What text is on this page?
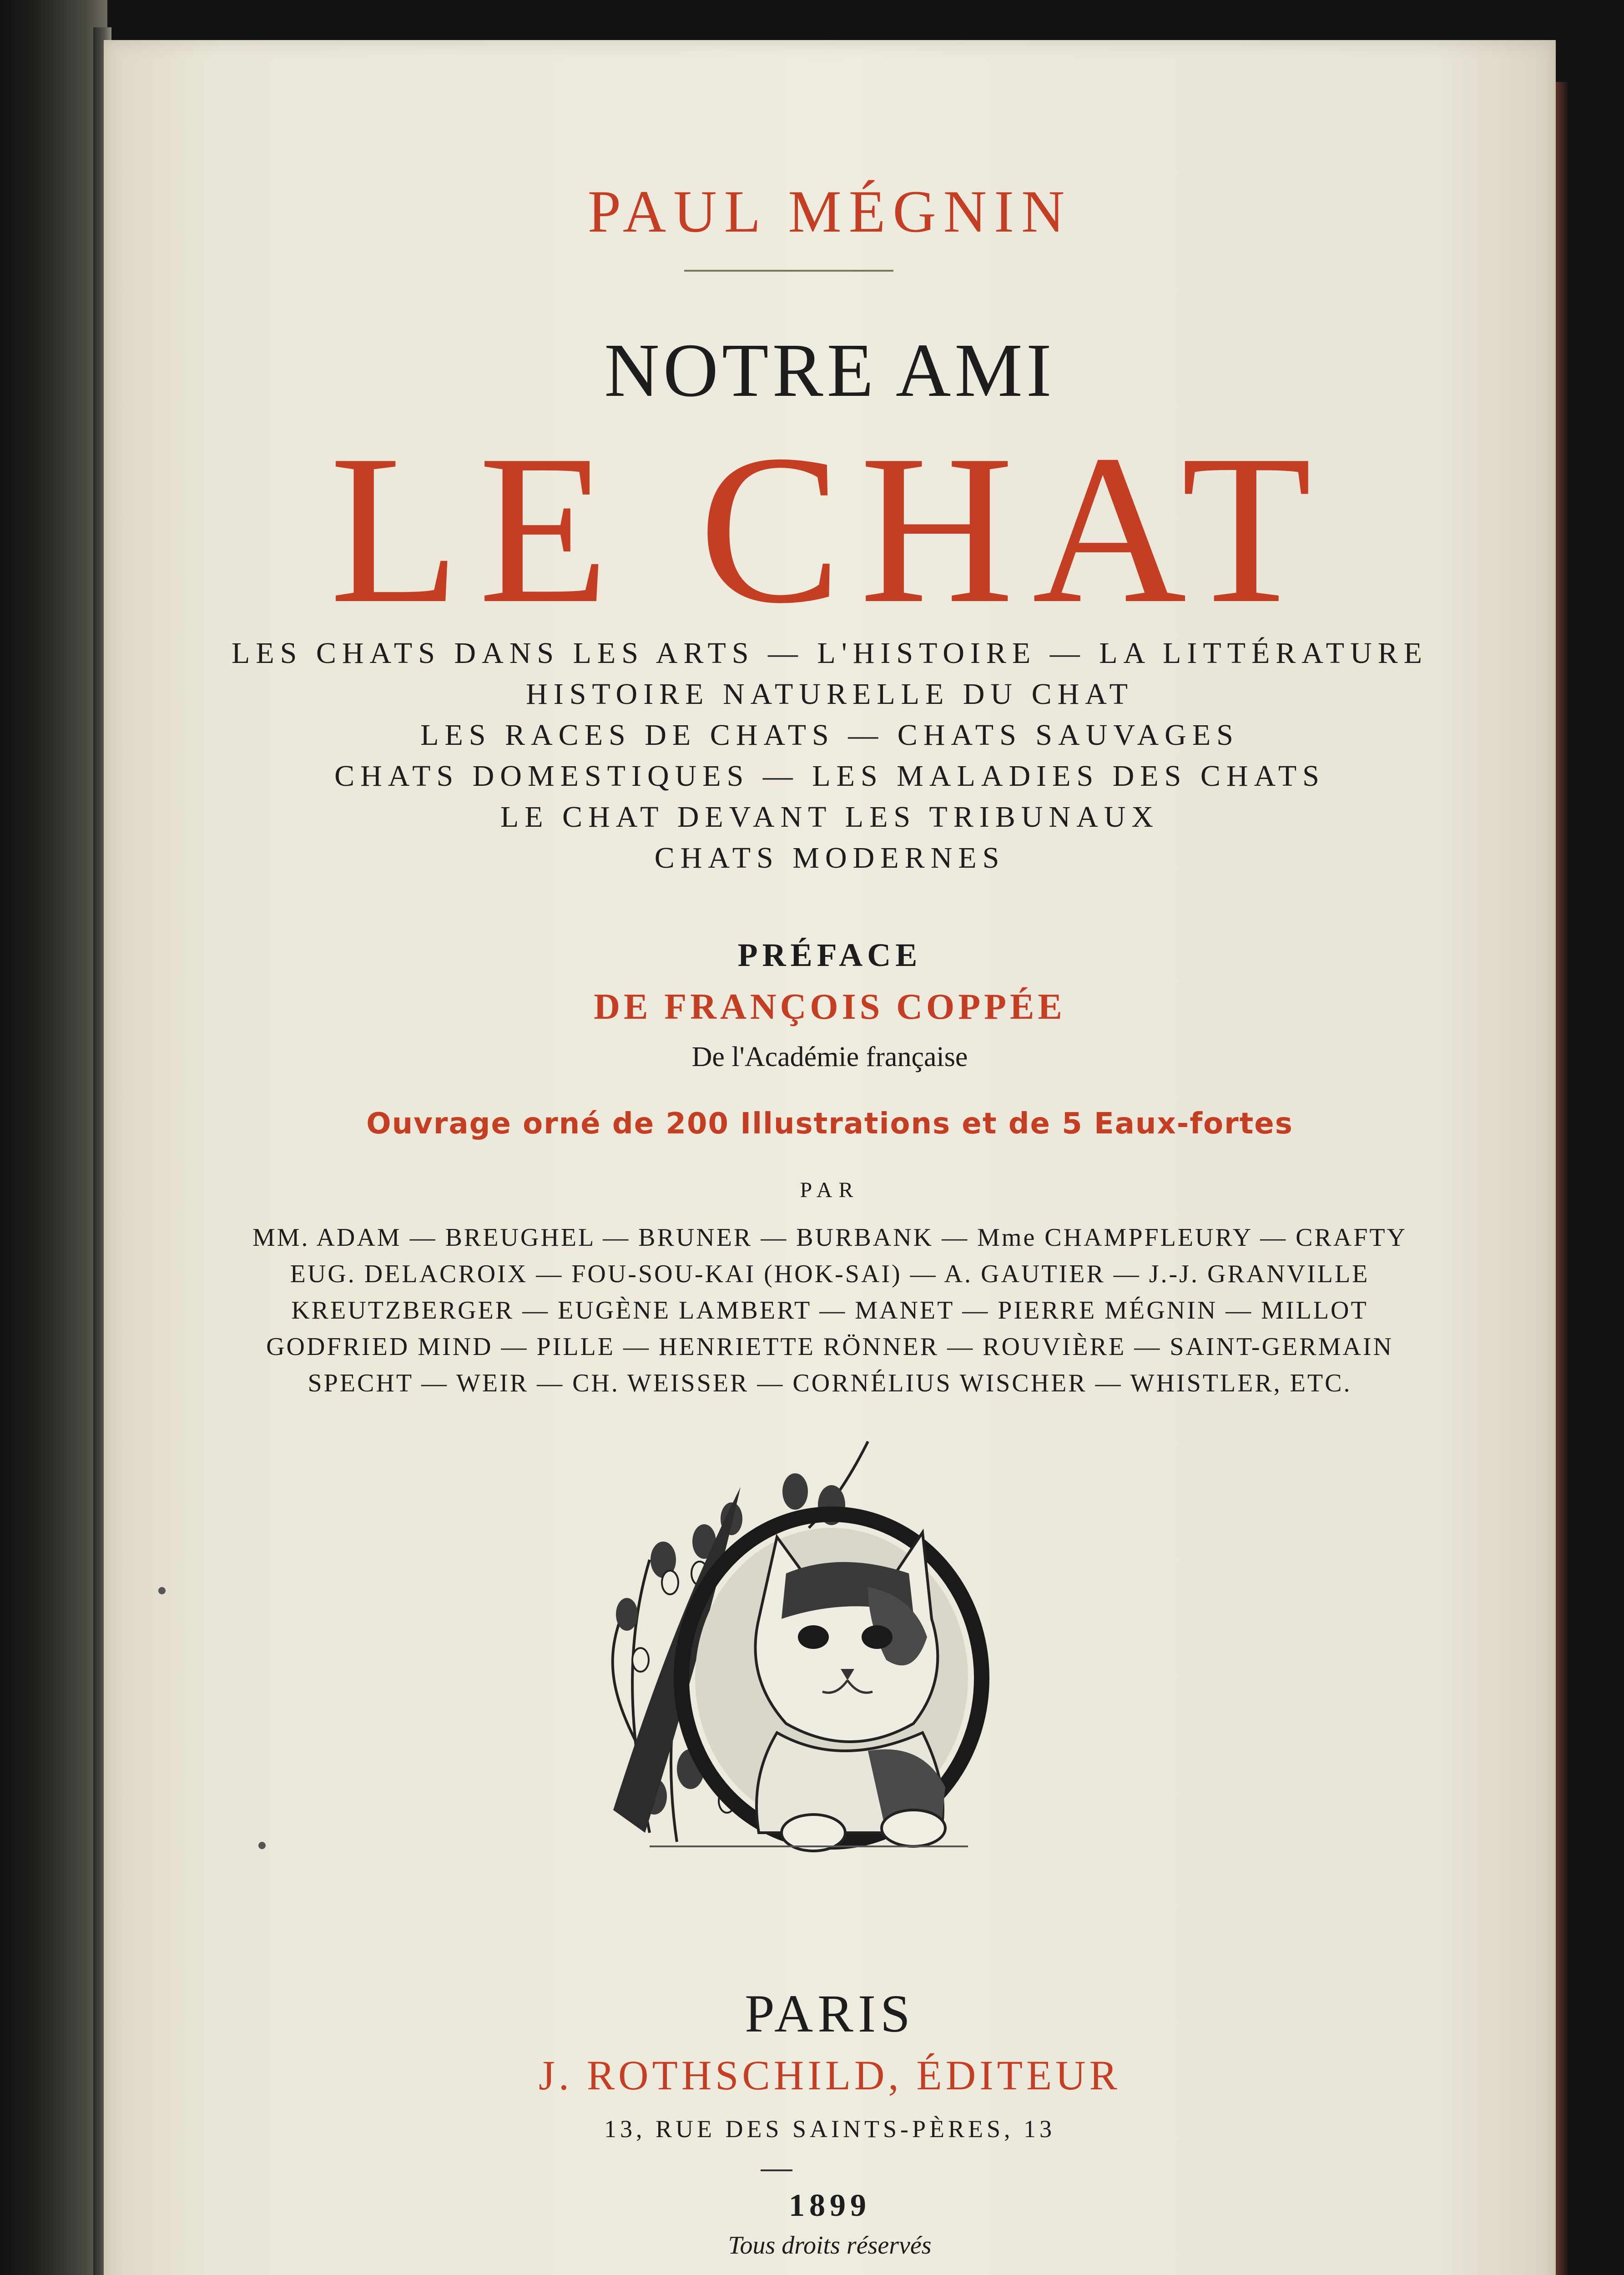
PAUL MÉGNIN
NOTRE AMI
LE CHAT
LES CHATS DANS LES ARTS — L'HISTOIRE — LA LITTÉRATURE
HISTOIRE NATURELLE DU CHAT
LES RACES DE CHATS — CHATS SAUVAGES
CHATS DOMESTIQUES — LES MALADIES DES CHATS
LE CHAT DEVANT LES TRIBUNAUX
CHATS MODERNES
PRÉFACE
DE FRANÇOIS COPPÉE
De l'Académie française
Ouvrage orné de 200 Illustrations et de 5 Eaux-fortes
PAR
MM. ADAM — BREUGHEL — BRUNER — BURBANK — Mme CHAMPFLEURY — CRAFTY
EUG. DELACROIX — FOU-SOU-KAI (HOK-SAI) — A. GAUTIER — J.-J. GRANVILLE
KREUTZBERGER — EUGÈNE LAMBERT — MANET — PIERRE MÉGNIN — MILLOT
GODFRIED MIND — PILLE — HENRIETTE RÖNNER — ROUVIÈRE — SAINT-GERMAIN
SPECHT — WEIR — CH. WEISSER — CORNÉLIUS WISCHER — WHISTLER, ETC.
PARIS
J. ROTHSCHILD, ÉDITEUR
13, RUE DES SAINTS-PÈRES, 13
1899
Tous droits réservés
